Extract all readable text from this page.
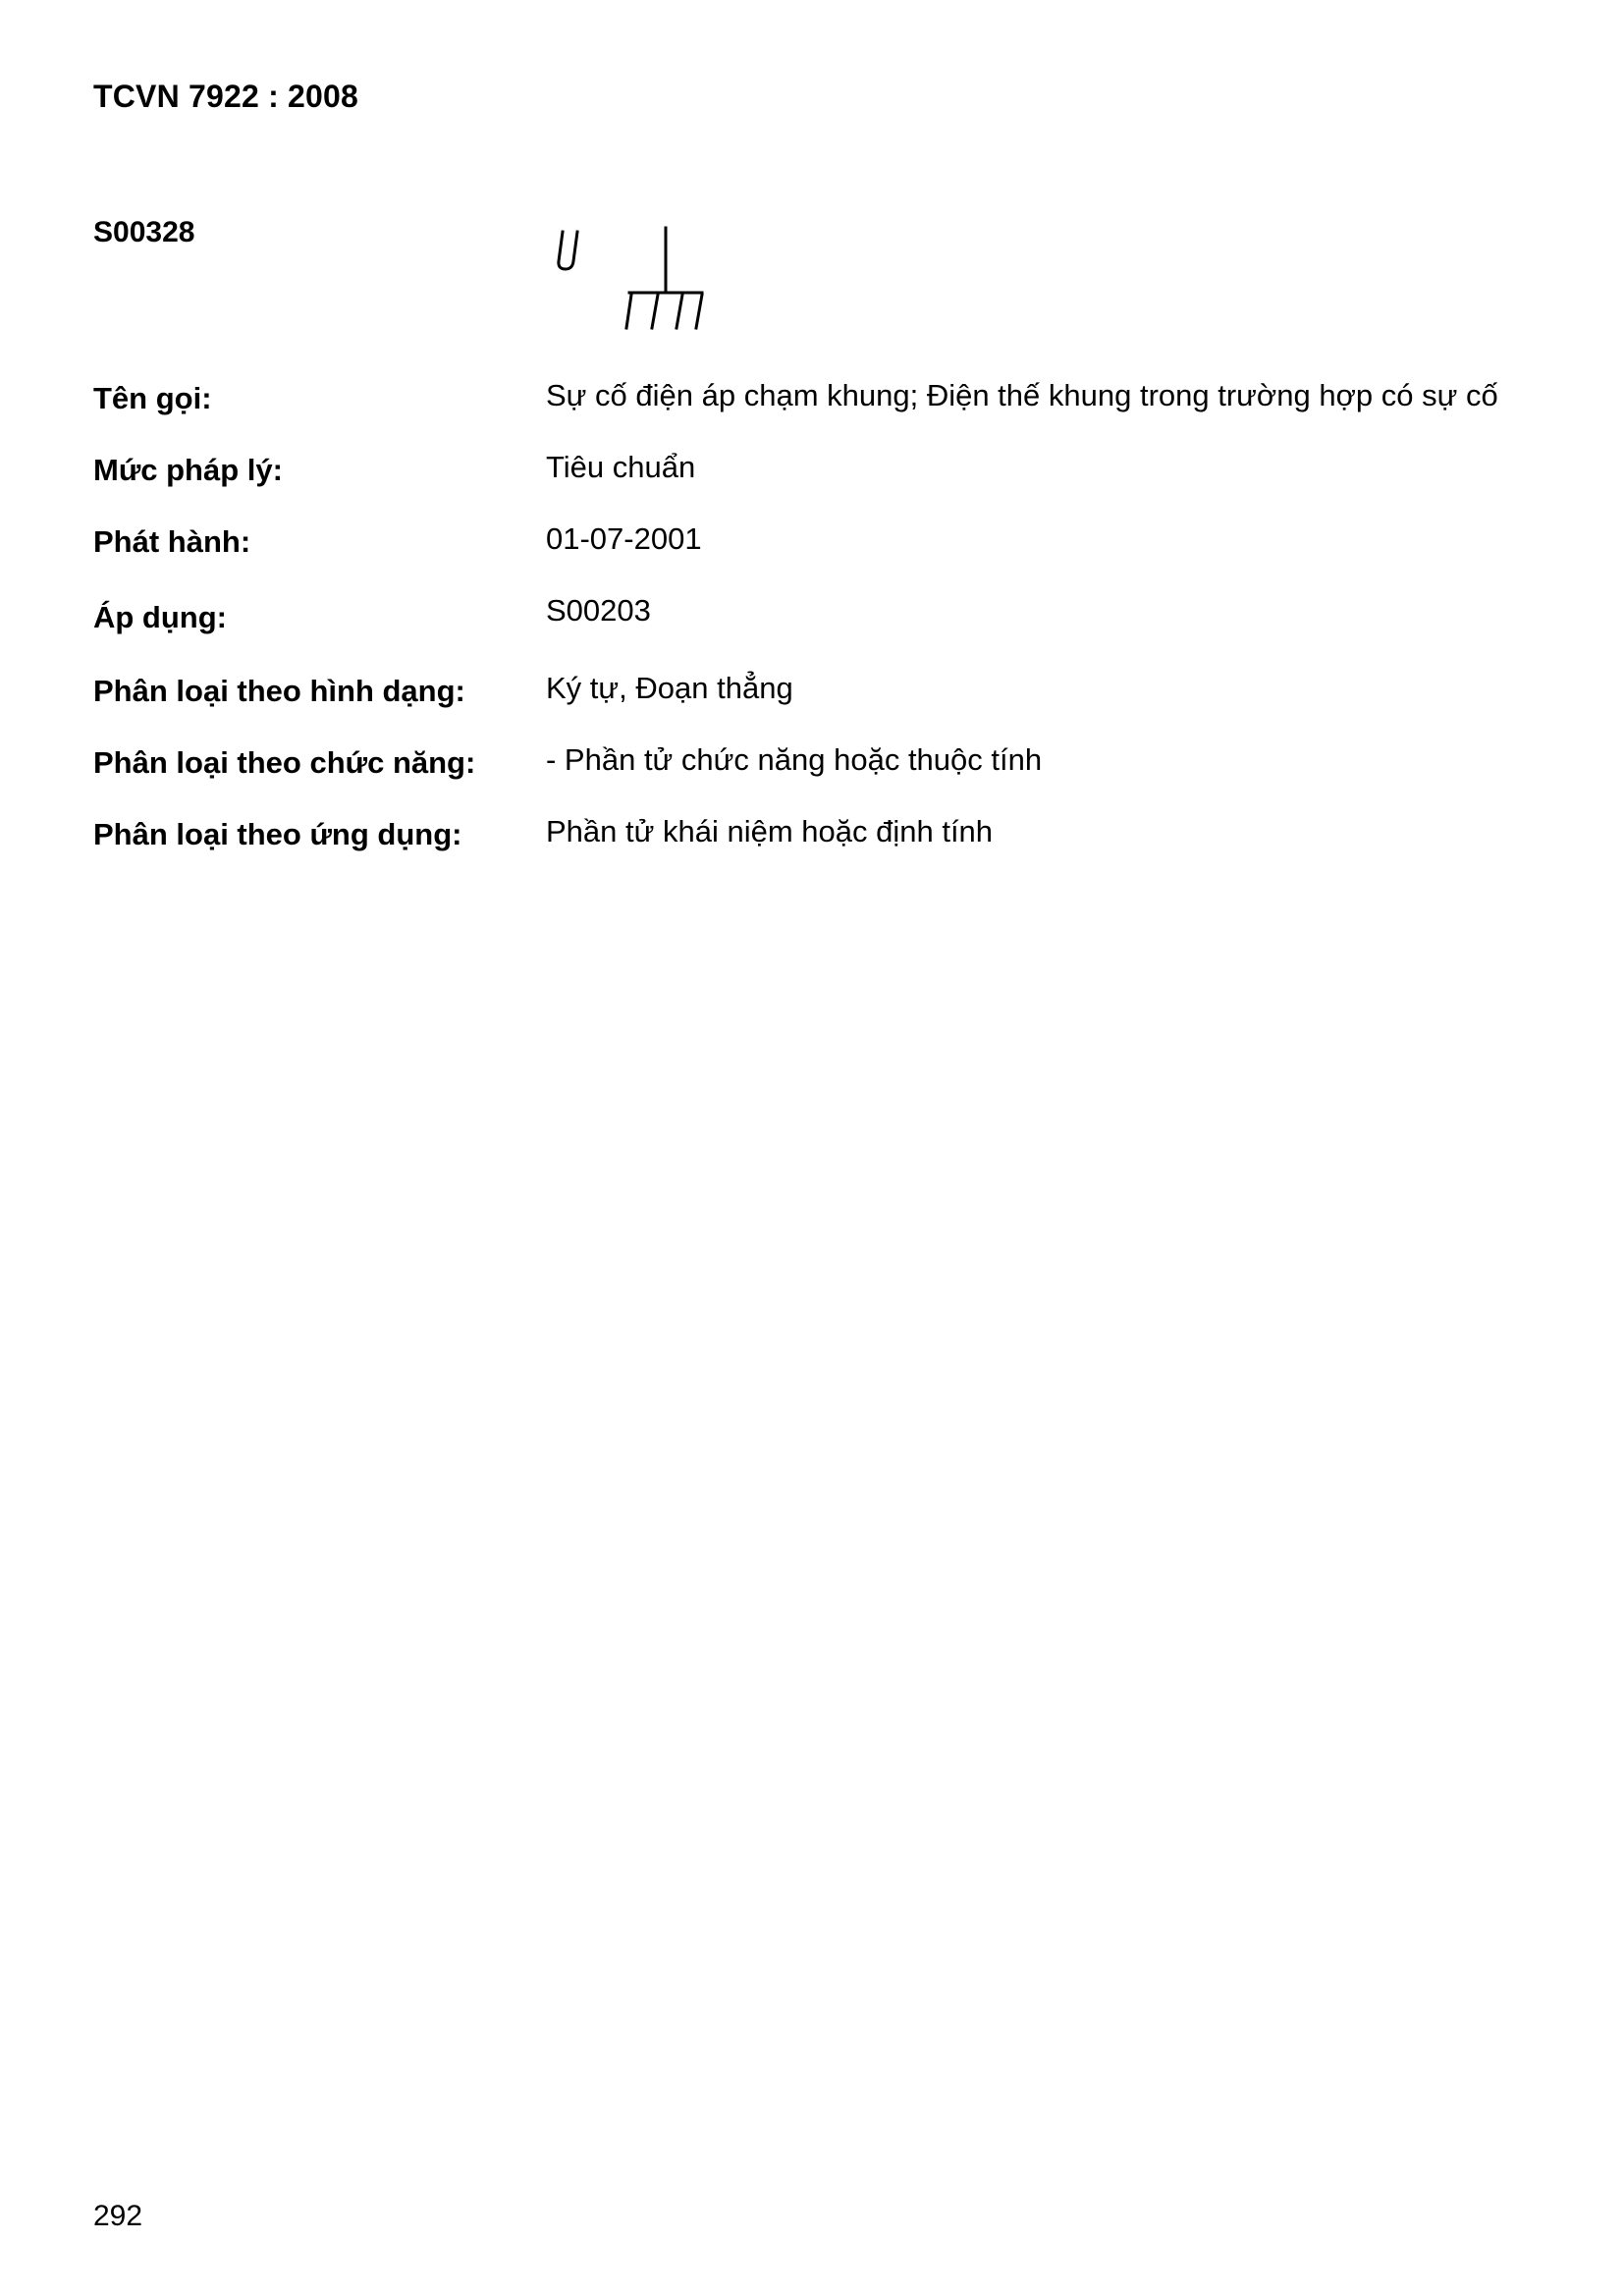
TCVN 7922 : 2008
S00328
Tên gọi:	Sự cố điện áp chạm khung; Điện thế khung trong trường hợp có sự cố
Mức pháp lý:	Tiêu chuẩn
Phát hành:	01-07-2001
Áp dụng:	S00203
Phân loại theo hình dạng:	Ký tự, Đoạn thẳng
Phân loại theo chức năng: - Phần tử chức năng hoặc thuộc tính
Phân loại theo ứng dụng:	Phần tử khái niệm hoặc định tính
292
